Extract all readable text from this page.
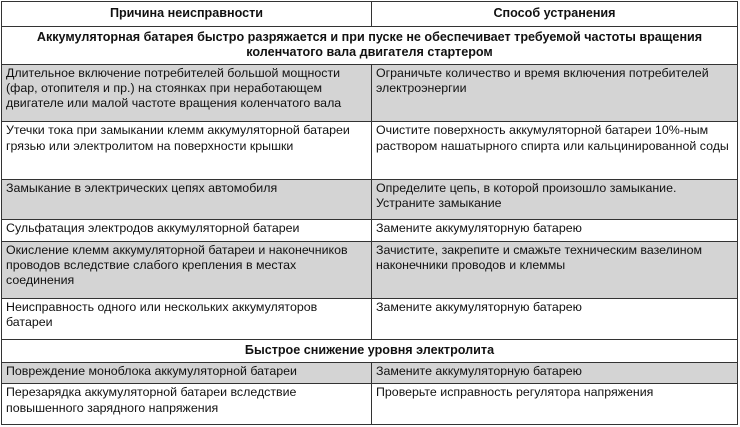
Причина неисправности	Способ устранения
Аккумуляторная батарея быстро разряжается и при пуске не обеспечивает требуемой частоты вращения коленчатого вала двигателя стартером	
Длительное включение потребителей большой мощности (фар, отопителя и пр.) на стоянках при неработающем двигателе или малой частоте вращения коленчатого вала	Ограничьте количество и время включения потребителей электроэнергии
Утечки тока при замыкании клемм аккумуляторной батареи грязью или электролитом на поверхности крышки	Очистите поверхность аккумуляторной батареи 10%-ным раствором нашатырного спирта или кальцинированной соды
Замыкание в электрических цепях автомобиля	Определите цепь, в которой произошло замыкание. Устраните замыкание
Сульфатация электродов аккумуляторной батареи	Замените аккумуляторную батарею
Окисление клемм аккумуляторной батареи и наконечников проводов вследствие слабого крепления в местах соединения	Зачистите, закрепите и смажьте техническим вазелином наконечники проводов и клеммы
Неисправность одного или нескольких аккумуляторов батареи	Замените аккумуляторную батарею
Быстрое снижение уровня электролита	
Повреждение моноблока аккумуляторной батареи	Замените аккумуляторную батарею
Перезарядка аккумуляторной батареи вследствие повышенного зарядного напряжения	Проверьте исправность регулятора напряжения
